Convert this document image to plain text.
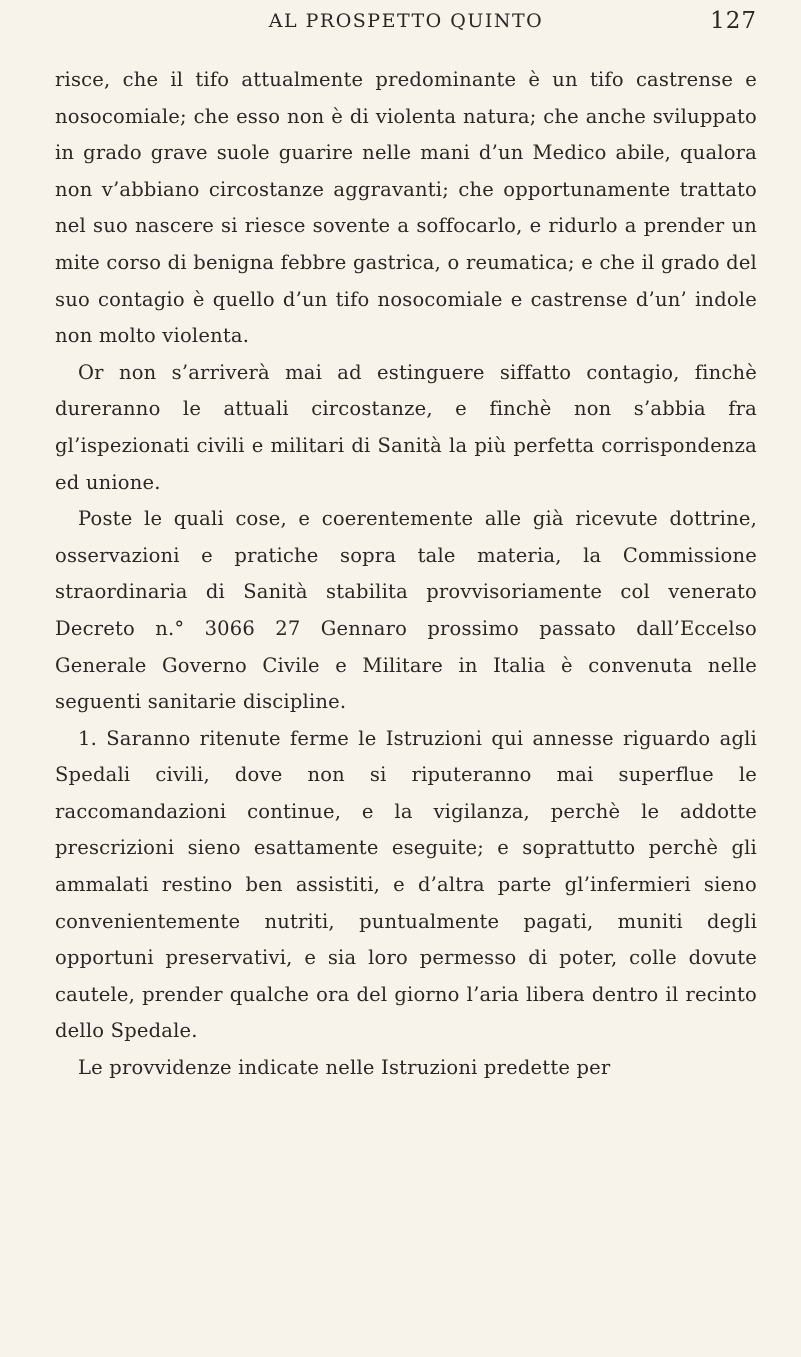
AL PROSPETTO QUINTO	127

risce, che il tifo attualmente predominante è un tifo castrense e nosocomiale; che esso non è di violenta natura; che anche sviluppato in grado grave suole guarire nelle mani d’un Medico abile, qualora non v’abbiano circostanze aggravanti; che opportunamente trattato nel suo nascere si riesce sovente a soffocarlo, e ridurlo a prender un mite corso di benigna febbre gastrica, o reumatica; e che il grado del suo contagio è quello d’un tifo nosocomiale e castrense d’un’ indole non molto violenta.

Or non s’arriverà mai ad estinguere siffatto contagio, finchè dureranno le attuali circostanze, e finchè non s’abbia fra gl’ispezionati civili e militari di Sanità la più perfetta corrispondenza ed unione.

Poste le quali cose, e coerentemente alle già ricevute dottrine, osservazioni e pratiche sopra tale materia, la Commissione straordinaria di Sanità stabilita provvisoriamente col venerato Decreto n.° 3066 27 Gennaro prossimo passato dall’Eccelso Generale Governo Civile e Militare in Italia è convenuta nelle seguenti sanitarie discipline.

1. Saranno ritenute ferme le Istruzioni qui annesse riguardo agli Spedali civili, dove non si riputeranno mai superflue le raccomandazioni continue, e la vigilanza, perchè le addotte prescrizioni sieno esattamente eseguite; e soprattutto perchè gli ammalati restino ben assistiti, e d’altra parte gl’infermieri sieno convenientemente nutriti, puntualmente pagati, muniti degli opportuni preservativi, e sia loro permesso di poter, colle dovute cautele, prender qualche ora del giorno l’aria libera dentro il recinto dello Spedale.

Le provvidenze indicate nelle Istruzioni predette per
